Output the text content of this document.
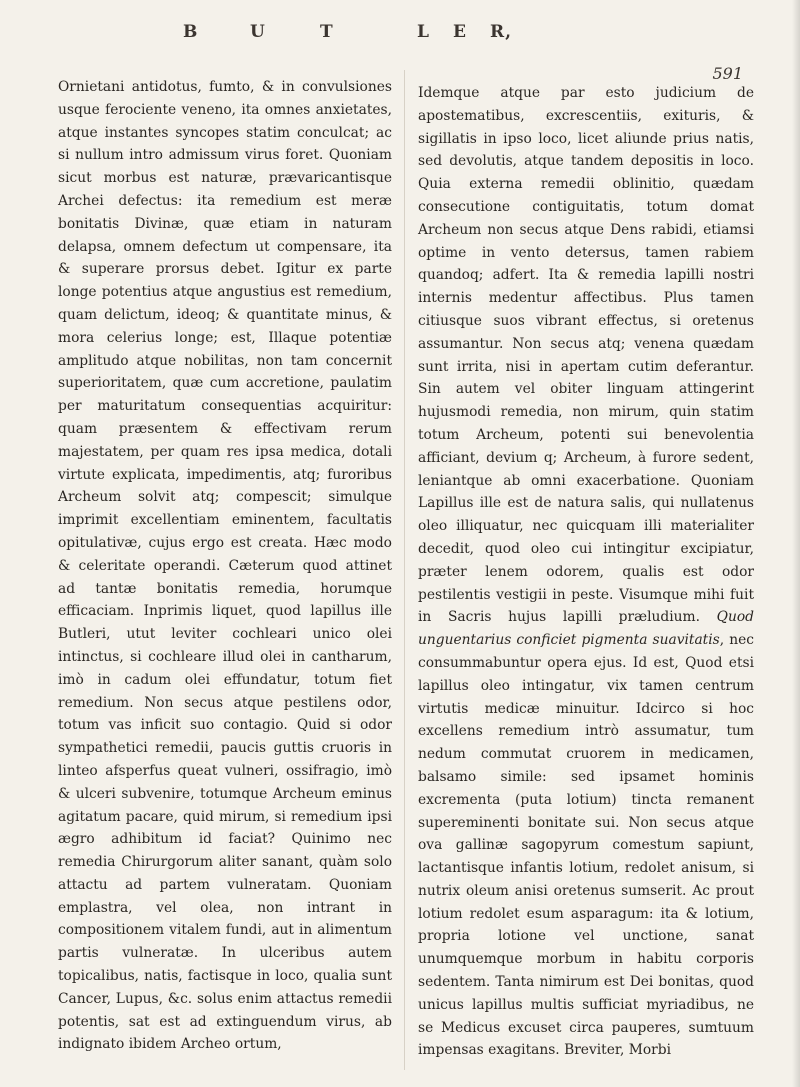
B	U	T	L E R,
591

Ornietani antidotus, fumto, & in convulsiones usque ferociente veneno, ita omnes anxietates, atque instantes syncopes statim conculcat; ac si nullum intro admissum virus foret. Quoniam sicut morbus est naturæ, prævaricantisque Archei defectus: ita remedium est meræ bonitatis Divinæ, quæ etiam in naturam delapsa, omnem defectum ut compensare, ita & superare prorsus debet. Igitur ex parte longe potentius atque angustius est remedium, quam delictum, ideoq; & quantitate minus, & mora celerius longe; est, Illaque potentiæ amplitudo atque nobilitas, non tam concernit superioritatem, quæ cum accretione, paulatim per maturitatum consequentias acquiritur: quam præsentem & effectivam rerum majestatem, per quam res ipsa medica, dotali virtute explicata, impedimentis, atq; furoribus Archeum solvit atq; compescit; simulque imprimit excellentiam eminentem, facultatis opitulativæ, cujus ergo est creata. Hæc modo & celeritate operandi. Cæterum quod attinet ad tantæ bonitatis remedia, horumque efficaciam. Inprimis liquet, quod lapillus ille Butleri, utut leviter cochleari unico olei intinctus, si cochleare illud olei in cantharum, imò in cadum olei effundatur, totum fiet remedium. Non secus atque pestilens odor, totum vas inficit suo contagio. Quid si odor sympathetici remedii, paucis guttis cruoris in linteo afsperfus queat vulneri, ossifragio, imò & ulceri subvenire, totumque Archeum eminus agitatum pacare, quid mirum, si remedium ipsi ægro adhibitum id faciat? Quinimo nec remedia Chirurgorum aliter sanant, quàm solo attactu ad partem vulneratam. Quoniam emplastra, vel olea, non intrant in compositionem vitalem fundi, aut in alimentum partis vulneratæ. In ulceribus autem topicalibus, natis, factisque in loco, qualia sunt Cancer, Lupus, &c. solus enim attactus remedii potentis, sat est ad extinguendum virus, ab indignato ibidem Archeo ortum,

Idemque atque par esto judicium de apostematibus, excrescentiis, exituris, & sigillatis in ipso loco, licet aliunde prius natis, sed devolutis, atque tandem depositis in loco. Quia externa remedii oblinitio, quædam consecutione contiguitatis, totum domat Archeum non secus atque Dens rabidi, etiamsi optime in vento detersus, tamen rabiem quandoq; adfert. Ita & remedia lapilli nostri internis medentur affectibus. Plus tamen citiusque suos vibrant effectus, si oretenus assumantur. Non secus atq; venena quædam sunt irrita, nisi in apertam cutim deferantur. Sin autem vel obiter linguam attingerint hujusmodi remedia, non mirum, quin statim totum Archeum, potenti sui benevolentia afficiant, devium q; Archeum, à furore sedent, leniantque ab omni exacerbatione. Quoniam Lapillus ille est de natura salis, qui nullatenus oleo illiquatur, nec quicquam illi materialiter decedit, quod oleo cui intingitur excipiatur, præter lenem odorem, qualis est odor pestilentis vestigii in peste. Visumque mihi fuit in Sacris hujus lapilli præludium. Quod unguentarius conficiet pigmenta suavitatis, nec consummabuntur opera ejus. Id est, Quod etsi lapillus oleo intingatur, vix tamen centrum virtutis medicæ minuitur. Idcirco si hoc excellens remedium intrò assumatur, tum nedum commutat cruorem in medicamen, balsamo simile: sed ipsamet hominis excrementa (puta lotium) tincta remanent supereminenti bonitate sui. Non secus atque ova gallinæ sagopyrum comestum sapiunt, lactantisque infantis lotium, redolet anisum, si nutrix oleum anisi oretenus sumserit. Ac prout lotium redolet esum asparagum: ita & lotium, propria lotione vel unctione, sanat unumquemque morbum in habitu corporis sedentem. Tanta nimirum est Dei bonitas, quod unicus lapillus multis sufficiat myriadibus, ne se Medicus excuset circa pauperes, sumtuum impensas exagitans. Breviter, Morbi
